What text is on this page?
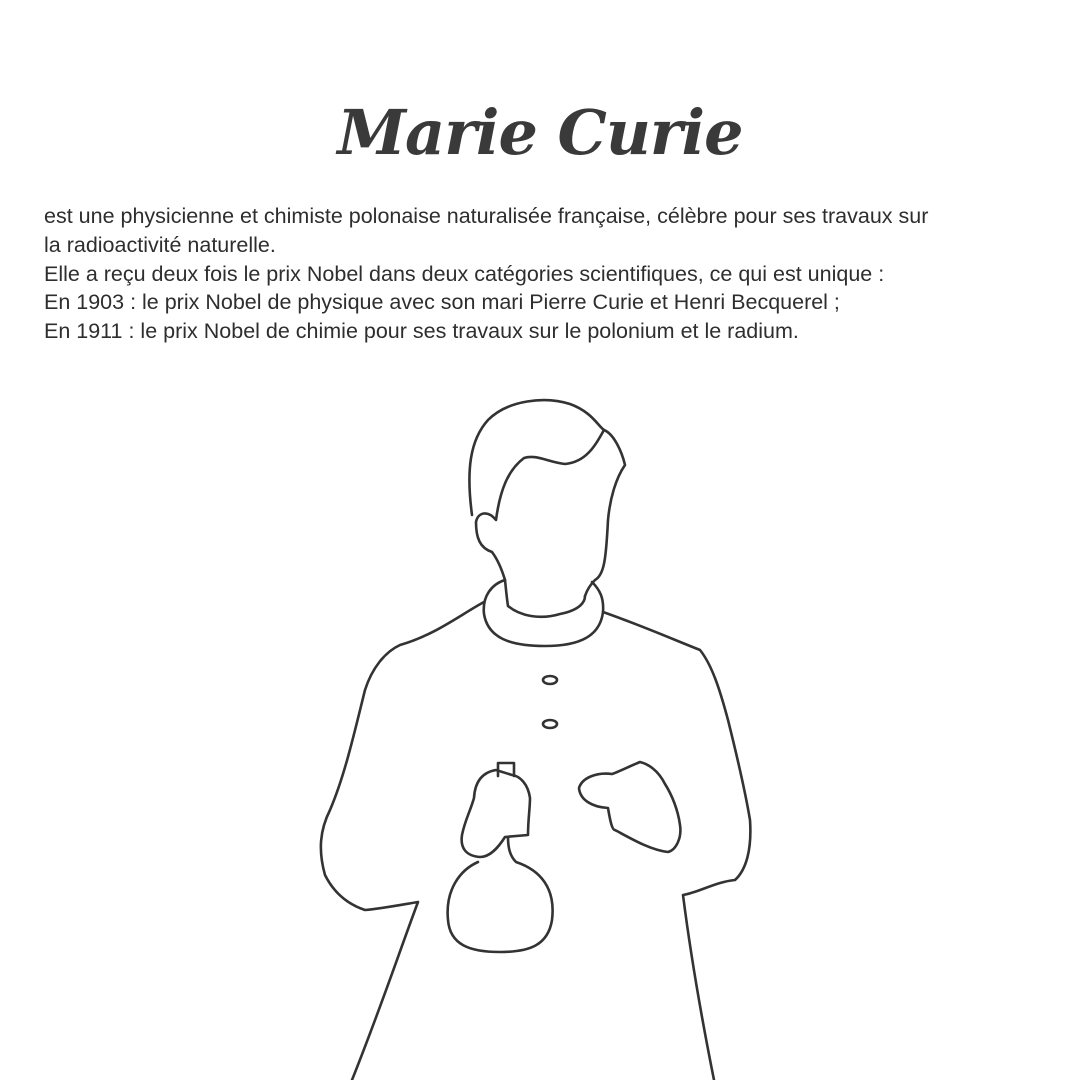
Marie Curie

est une physicienne et chimiste polonaise naturalisée française, célèbre pour ses travaux sur

la radioactivité naturelle.

Elle a reçu deux fois le prix Nobel dans deux catégories scientifiques, ce qui est unique :

En 1903 : le prix Nobel de physique avec son mari Pierre Curie et Henri Becquerel ;

En 1911 : le prix Nobel de chimie pour ses travaux sur le polonium et le radium.
